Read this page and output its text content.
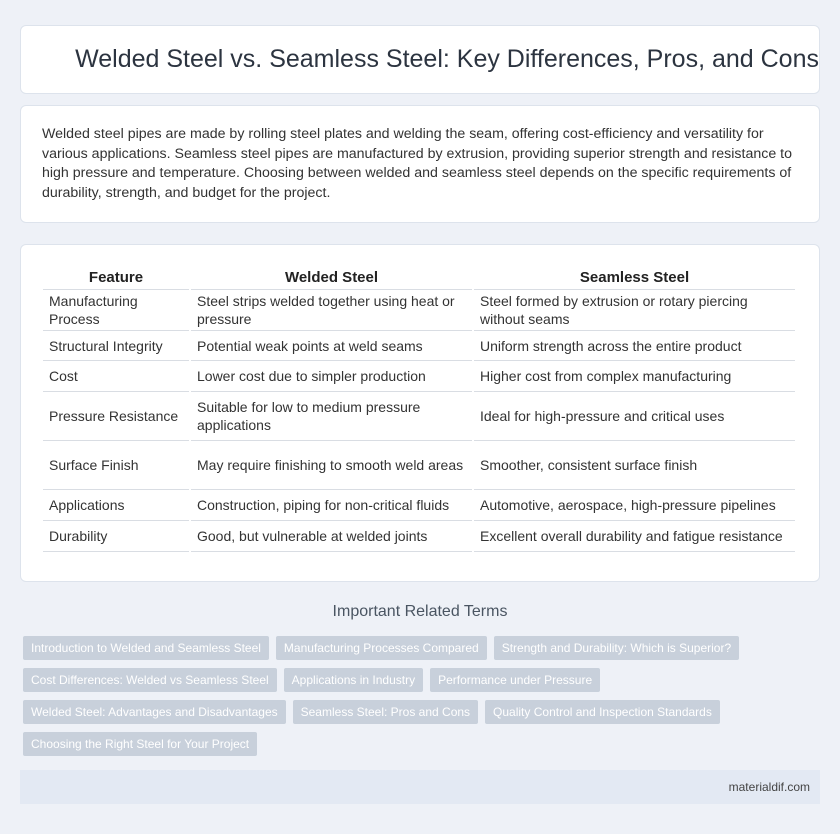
Welded Steel vs. Seamless Steel: Key Differences, Pros, and Cons

Welded steel pipes are made by rolling steel plates and welding the seam, offering cost-efficiency and versatility for various applications. Seamless steel pipes are manufactured by extrusion, providing superior strength and resistance to high pressure and temperature. Choosing between welded and seamless steel depends on the specific requirements of durability, strength, and budget for the project.

Feature	Welded Steel	Seamless Steel
Manufacturing Process	Steel strips welded together using heat or pressure	Steel formed by extrusion or rotary piercing without seams
Structural Integrity	Potential weak points at weld seams	Uniform strength across the entire product
Cost	Lower cost due to simpler production	Higher cost from complex manufacturing
Pressure Resistance	Suitable for low to medium pressure applications	Ideal for high-pressure and critical uses
Surface Finish	May require finishing to smooth weld areas	Smoother, consistent surface finish
Applications	Construction, piping for non-critical fluids	Automotive, aerospace, high-pressure pipelines
Durability	Good, but vulnerable at welded joints	Excellent overall durability and fatigue resistance
Important Related Terms
Introduction to Welded and Seamless Steel	Manufacturing Processes Compared	Strength and Durability: Which is Superior?
Cost Differences: Welded vs Seamless Steel	Applications in Industry	Performance under Pressure
Welded Steel: Advantages and Disadvantages	Seamless Steel: Pros and Cons	Quality Control and Inspection Standards
Choosing the Right Steel for Your Project
materialdif.com
